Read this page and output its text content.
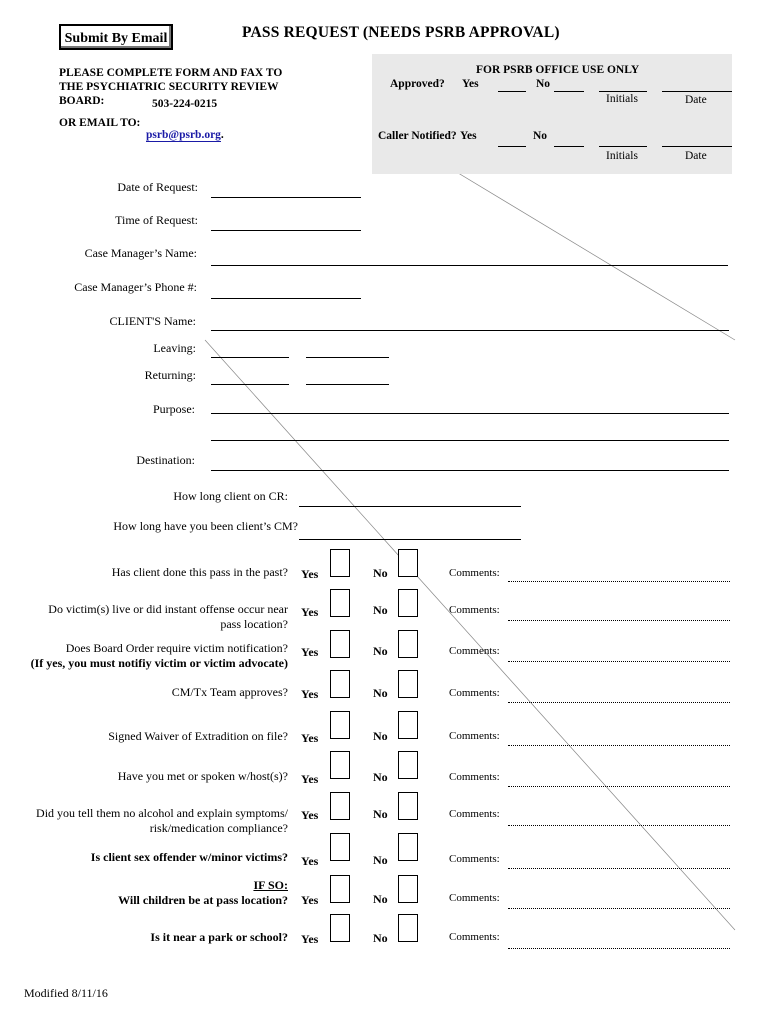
Submit By Email	PASS REQUEST (NEEDS PSRB APPROVAL)
PLEASE COMPLETE FORM AND FAX TO
THE PSYCHIATRIC SECURITY REVIEW
BOARD:	503-224-0215
OR EMAIL TO:
psrb@psrb.org.
FOR PSRB OFFICE USE ONLY
Approved? Yes	No
Initials	Date
Caller Notified? Yes	No
Initials	Date
Date of Request:
Time of Request:
Case Manager’s Name:
Case Manager’s Phone #:
CLIENT'S Name:
Leaving:
Returning:
Purpose:
Destination:
How long client on CR:
How long have you been client’s CM?
Has client done this pass in the past? Yes	No	Comments:
Do victim(s) live or did instant offense occur near pass location?
Yes	No	Comments:
Does Board Order require victim notification?
(If yes, you must notifiy victim or victim advocate)
Yes	No	Comments:
CM/Tx Team approves? Yes	No	Comments:
Signed Waiver of Extradition on file? Yes	No	Comments:
Have you met or spoken w/host(s)? Yes	No	Comments:
Did you tell them no alcohol and explain symptoms/ risk/medication compliance?
Yes	No	Comments:
Is client sex offender w/minor victims? Yes	No	Comments:
IF SO:
Will children be at pass location? Yes	No	Comments:
Is it near a park or school? Yes	No	Comments:
Modified 8/11/16
